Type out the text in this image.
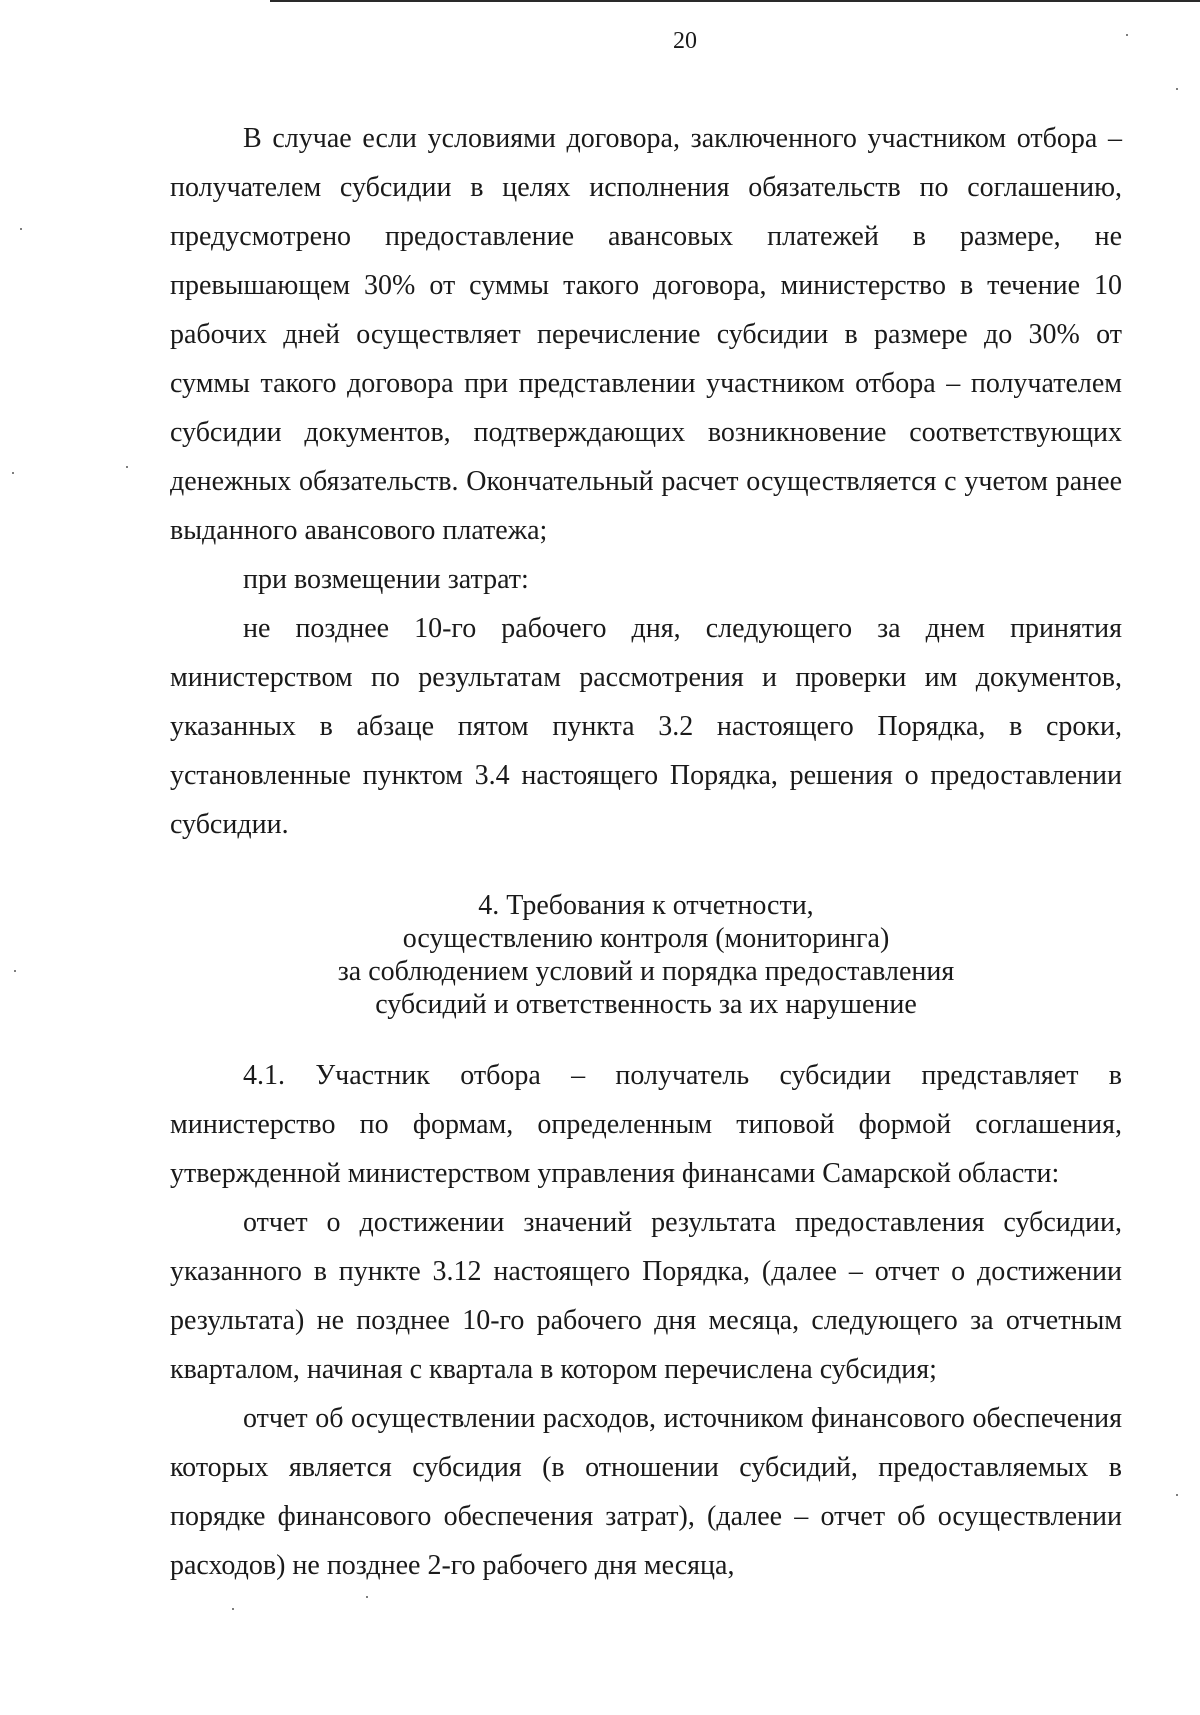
20

В случае если условиями договора, заключенного участником отбора – получателем субсидии в целях исполнения обязательств по соглашению, предусмотрено предоставление авансовых платежей в размере, не превышающем 30% от суммы такого договора, министерство в течение 10 рабочих дней осуществляет перечисление субсидии в размере до 30% от суммы такого договора при представлении участником отбора – получателем субсидии документов, подтверждающих возникновение соответствующих денежных обязательств. Окончательный расчет осуществляется с учетом ранее выданного авансового платежа;

при возмещении затрат:

не позднее 10-го рабочего дня, следующего за днем принятия министерством по результатам рассмотрения и проверки им документов, указанных в абзаце пятом пункта 3.2 настоящего Порядка, в сроки, установленные пунктом 3.4 настоящего Порядка, решения о предоставлении субсидии.

4. Требования к отчетности,
осуществлению контроля (мониторинга)
за соблюдением условий и порядка предоставления
субсидий и ответственность за их нарушение

4.1. Участник отбора – получатель субсидии представляет в министерство по формам, определенным типовой формой соглашения, утвержденной министерством управления финансами Самарской области:

отчет о достижении значений результата предоставления субсидии, указанного в пункте 3.12 настоящего Порядка, (далее – отчет о достижении результата) не позднее 10-го рабочего дня месяца, следующего за отчетным кварталом, начиная с квартала в котором перечислена субсидия;

отчет об осуществлении расходов, источником финансового обеспечения которых является субсидия (в отношении субсидий, предоставляемых в порядке финансового обеспечения затрат), (далее – отчет об осуществлении расходов) не позднее 2-го рабочего дня месяца,
